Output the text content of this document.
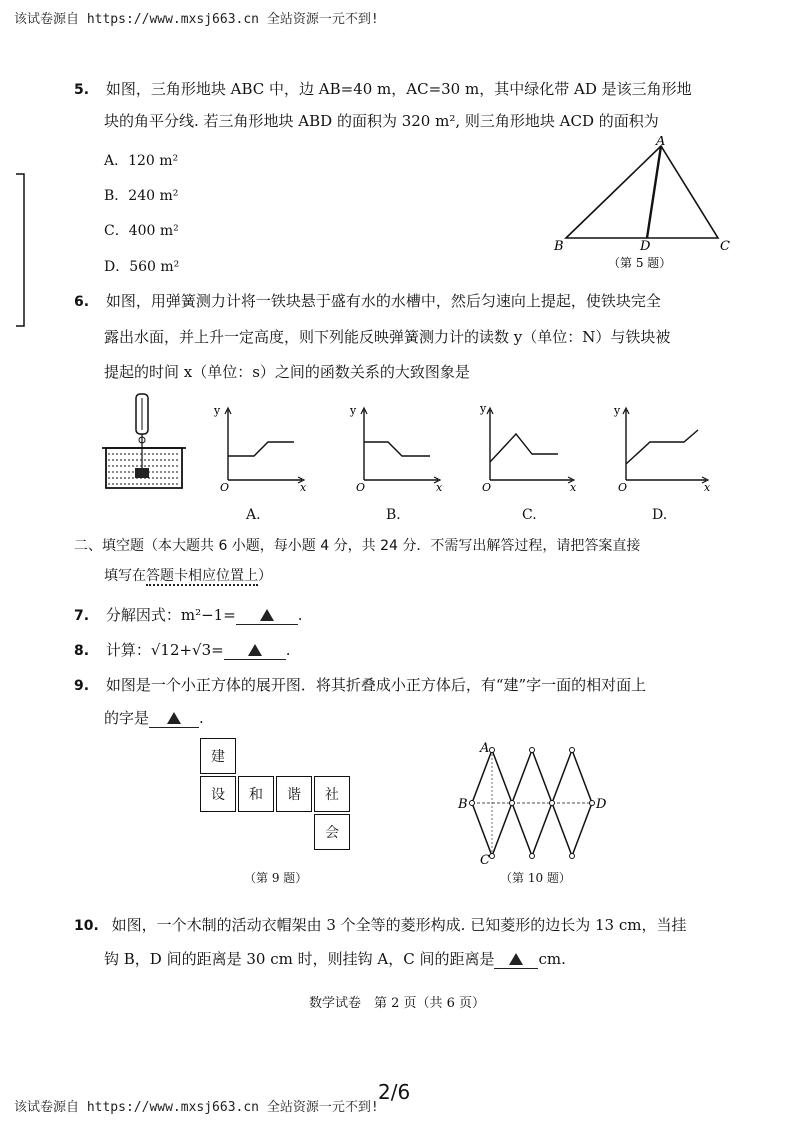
该试卷源自 https://www.mxsj663.cn 全站资源一元不到!
5. 如图，三角形地块 ABC 中，边 AB=40 m，AC=30 m，其中绿化带 AD 是该三角形地
块的角平分线. 若三角形地块 ABD 的面积为 320 m², 则三角形地块 ACD 的面积为
A．120 m²
B．240 m²
C．400 m²
D．560 m²
A
B	D	C
（第 5 题）
6. 如图，用弹簧测力计将一铁块悬于盛有水的水槽中，然后匀速向上提起，使铁块完全
露出水面，并上升一定高度，则下列能反映弹簧测力计的读数 y（单位：N）与铁块被
提起的时间 x（单位：s）之间的函数关系的大致图象是
y
O	x
y
O	x
y
O	x
y
O	x
A.	B.	C.	D.
二、填空题（本大题共 6 小题，每小题 4 分，共 24 分．不需写出解答过程，请把答案直接
填写在答题卡相应位置上）
7. 分解因式：m²−1=	.
8. 计算：√12+√3=	.
9. 如图是一个小正方体的展开图．将其折叠成小正方体后，有“建”字一面的相对面上
的字是	.
建
设	和	谐	社
会
（第 9 题）
A
B	D
C
（第 10 题）
10. 如图，一个木制的活动衣帽架由 3 个全等的菱形构成. 已知菱形的边长为 13 cm，当挂
钩 B，D 间的距离是 30 cm 时，则挂钩 A，C 间的距离是	cm.
数学试卷　第 2 页（共 6 页）
2/6
该试卷源自 https://www.mxsj663.cn 全站资源一元不到!
